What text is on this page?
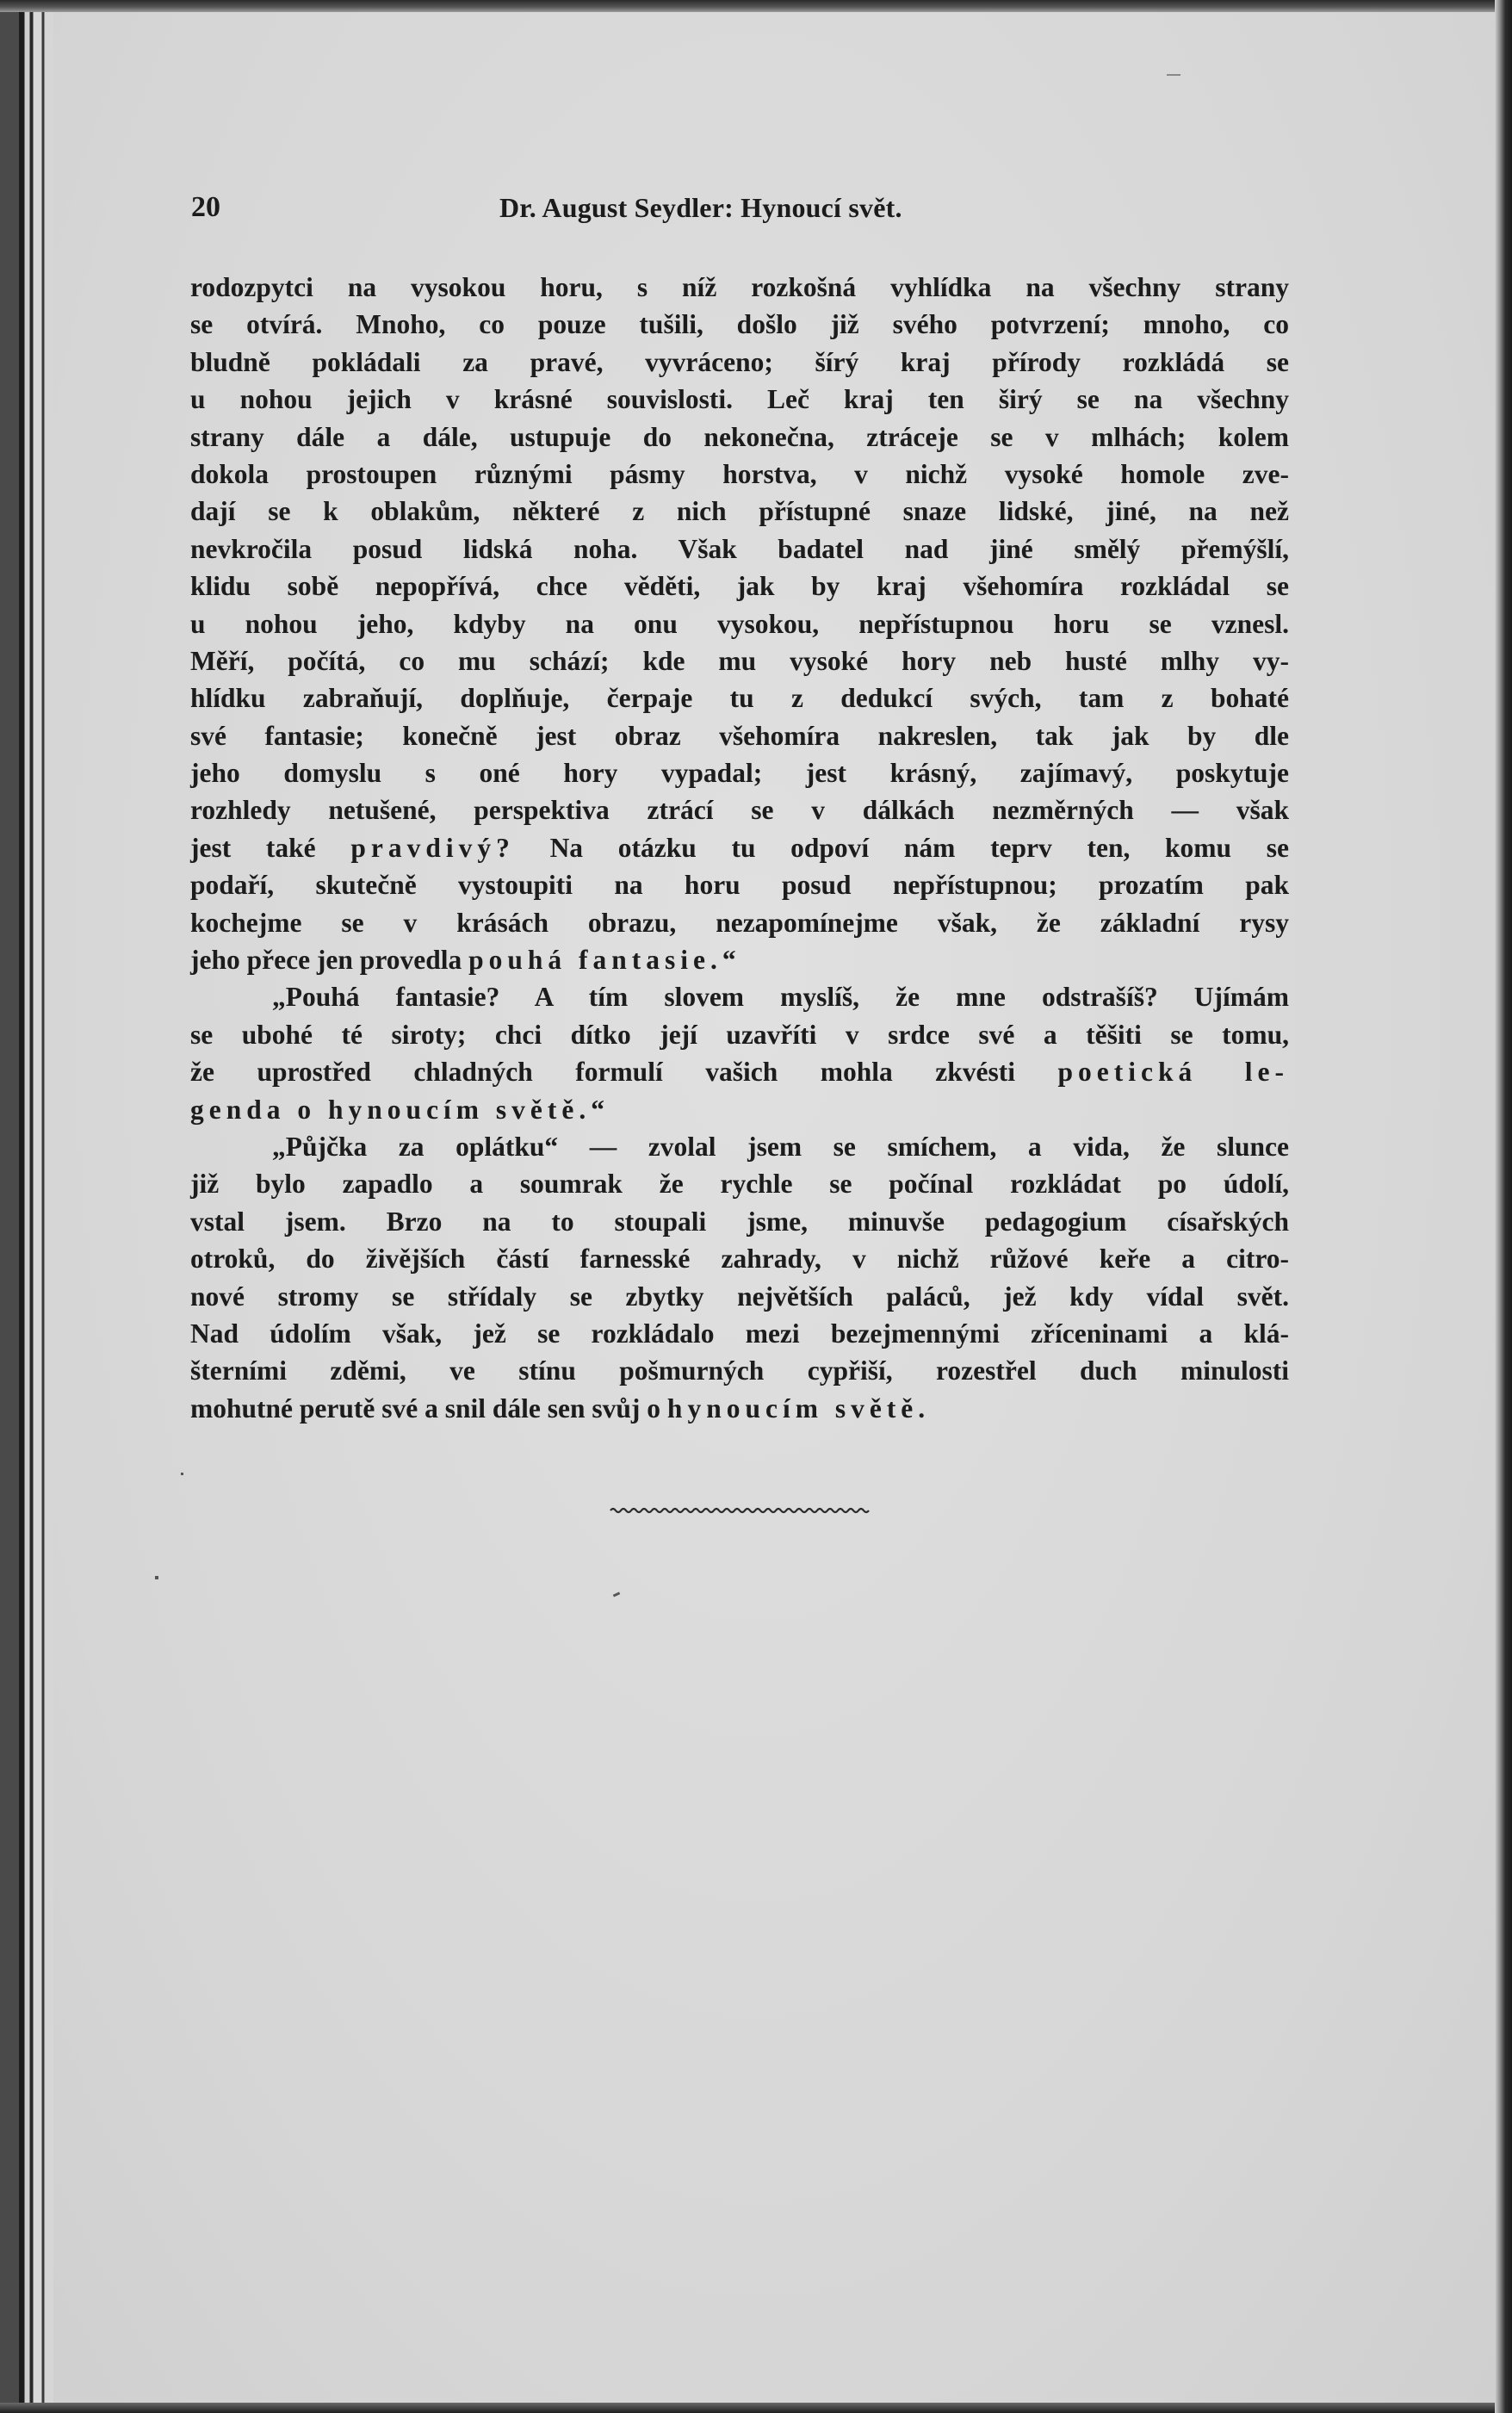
20	Dr. August Seydler: Hynoucí svět.
rodozpytci na vysokou horu, s níž rozkošná vyhlídka na všechny strany
se otvírá. Mnoho, co pouze tušili, došlo již svého potvrzení; mnoho, co
bludně pokládali za pravé, vyvráceno; šírý kraj přírody rozkládá se
u nohou jejich v krásné souvislosti. Leč kraj ten širý se na všechny
strany dále a dále, ustupuje do nekonečna, ztráceje se v mlhách; kolem
dokola prostoupen různými pásmy horstva, v nichž vysoké homole zve-
dají se k oblakům, některé z nich přístupné snaze lidské, jiné, na než
nevkročila posud lidská noha. Však badatel nad jiné smělý přemýšlí,
klidu sobě nepopřívá, chce věděti, jak by kraj všehomíra rozkládal se
u nohou jeho, kdyby na onu vysokou, nepřístupnou horu se vznesl.
Měří, počítá, co mu schází; kde mu vysoké hory neb husté mlhy vy-
hlídku zabraňují, doplňuje, čerpaje tu z dedukcí svých, tam z bohaté
své fantasie; konečně jest obraz všehomíra nakreslen, tak jak by dle
jeho domyslu s oné hory vypadal; jest krásný, zajímavý, poskytuje
rozhledy netušené, perspektiva ztrácí se v dálkách nezměrných — však
jest také pravdivý? Na otázku tu odpoví nám teprv ten, komu se
podaří, skutečně vystoupiti na horu posud nepřístupnou; prozatím pak
kochejme se v krásách obrazu, nezapomínejme však, že základní rysy
jeho přece jen provedla pouhá fantasie.“
„Pouhá fantasie? A tím slovem myslíš, že mne odstrašíš? Ujímám
se ubohé té siroty; chci dítko její uzavříti v srdce své a těšiti se tomu,
že uprostřed chladných formulí vašich mohla zkvésti poetická le-
genda o hynoucím světě.“
„Půjčka za oplátku“ — zvolal jsem se smíchem, a vida, že slunce
již bylo zapadlo a soumrak že rychle se počínal rozkládat po údolí,
vstal jsem. Brzo na to stoupali jsme, minuvše pedagogium císařských
otroků, do živějších částí farnesské zahrady, v nichž růžové keře a citro-
nové stromy se střídaly se zbytky největších paláců, jež kdy vídal svět.
Nad údolím však, jež se rozkládalo mezi bezejmennými zříceninami a klá-
šterními zděmi, ve stínu pošmurných cypřiší, rozestřel duch minulosti
mohutné perutě své a snil dále sen svůj o hynoucím světě.
